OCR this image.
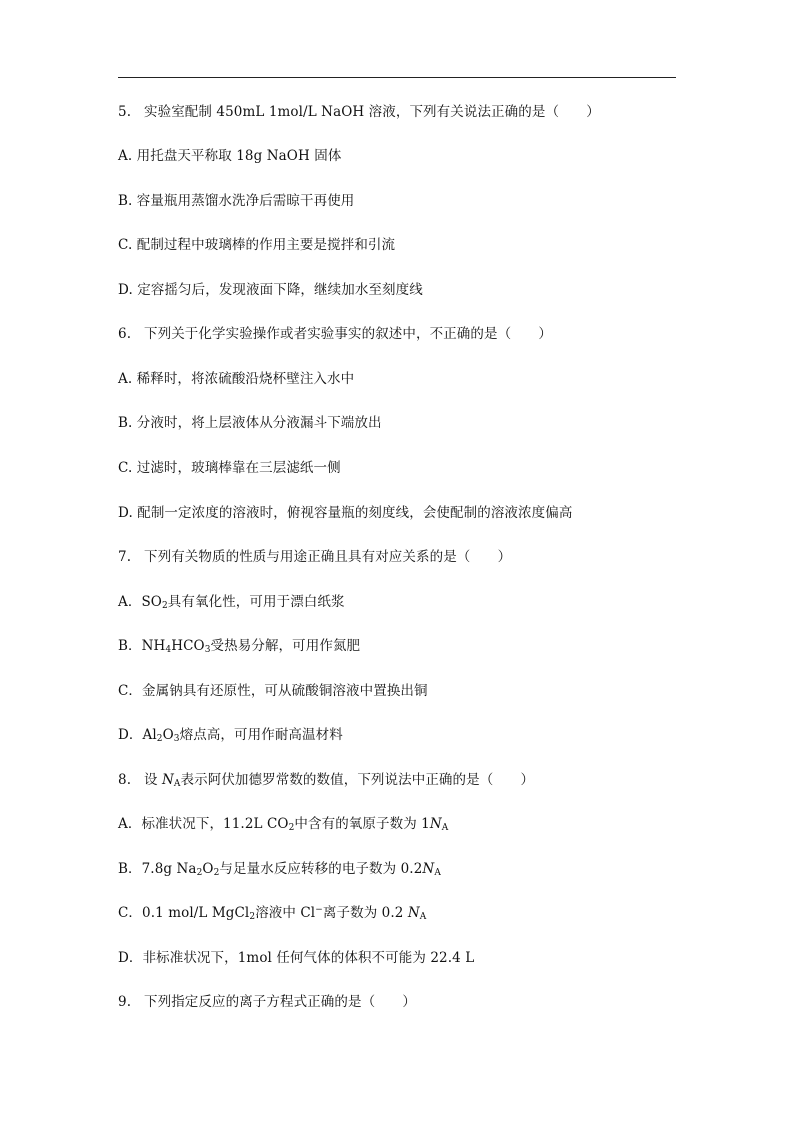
5. 实验室配制 450mL 1mol/L NaOH 溶液，下列有关说法正确的是（　　）
A. 用托盘天平称取 18g NaOH 固体
B. 容量瓶用蒸馏水洗净后需晾干再使用
C. 配制过程中玻璃棒的作用主要是搅拌和引流
D. 定容摇匀后，发现液面下降，继续加水至刻度线
6. 下列关于化学实验操作或者实验事实的叙述中，不正确的是（　　）
A. 稀释时，将浓硫酸沿烧杯壁注入水中
B. 分液时，将上层液体从分液漏斗下端放出
C. 过滤时，玻璃棒靠在三层滤纸一侧
D. 配制一定浓度的溶液时，俯视容量瓶的刻度线，会使配制的溶液浓度偏高
7. 下列有关物质的性质与用途正确且具有对应关系的是（　　）
A．$SO_2$具有氧化性，可用于漂白纸浆
B．$NH_4HCO_3$受热易分解，可用作氮肥
C．金属钠具有还原性，可从硫酸铜溶液中置换出铜
D．$Al_2O_3$熔点高，可用作耐高温材料
8. 设 $N_A$表示阿伏加德罗常数的数值，下列说法中正确的是（　　）
A．标准状况下，11.2L $CO_2$中含有的氧原子数为 $1N_A$
B．7.8g $Na_2O_2$与足量水反应转移的电子数为 $0.2N_A$
C．0.1 mol/L MgCl$_2$溶液中 Cl−离子数为 0.2 $N_A$
D．非标准状况下，1mol 任何气体的体积不可能为 22.4 L
9. 下列指定反应的离子方程式正确的是（　　）
